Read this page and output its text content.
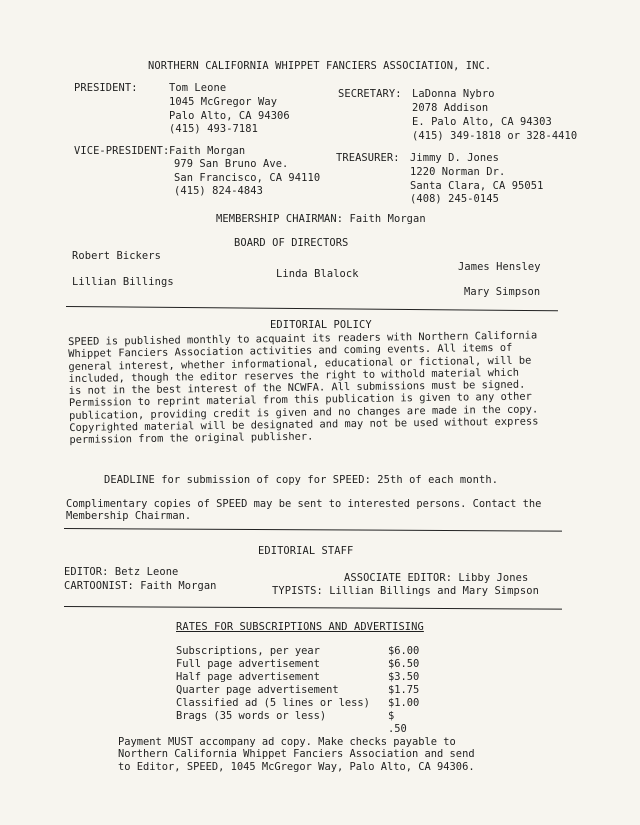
NORTHERN CALIFORNIA WHIPPET FANCIERS ASSOCIATION, INC.
PRESIDENT:	Tom Leone
1045 McGregor Way
Palo Alto, CA 94306
(415) 493-7181
SECRETARY: LaDonna Nybro
2078 Addison
E. Palo Alto, CA 94303
(415) 349-1818 or 328-4410
VICE-PRESIDENT: Faith Morgan
979 San Bruno Ave.
San Francisco, CA 94110
(415) 824-4843
TREASURER: Jimmy D. Jones
1220 Norman Dr.
Santa Clara, CA 95051
(408) 245-0145
MEMBERSHIP CHAIRMAN: Faith Morgan
BOARD OF DIRECTORS
Robert Bickers
Linda Blalock
James Hensley
Lillian Billings
Mary Simpson
EDITORIAL POLICY
SPEED is published monthly to acquaint its readers with Northern California
Whippet Fanciers Association activities and coming events. All items of
general interest, whether informational, educational or fictional, will be
included, though the editor reserves the right to withold material which
is not in the best interest of the NCWFA. All submissions must be signed.
Permission to reprint material from this publication is given to any other
publication, providing credit is given and no changes are made in the copy.
Copyrighted material will be designated and may not be used without express
permission from the original publisher.
DEADLINE for submission of copy for SPEED: 25th of each month.
Complimentary copies of SPEED may be sent to interested persons. Contact the
Membership Chairman.
EDITORIAL STAFF
EDITOR: Betz Leone	ASSOCIATE EDITOR: Libby Jones
CARTOONIST: Faith Morgan	TYPISTS: Lillian Billings and Mary Simpson
RATES FOR SUBSCRIPTIONS AND ADVERTISING
Subscriptions, per year	$6.00
Full page advertisement	$6.50
Half page advertisement	$3.50
Quarter page advertisement	$1.75
Classified ad (5 lines or less) $1.00
Brags (35 words or less)	$ .50
Payment MUST accompany ad copy. Make checks payable to
Northern California Whippet Fanciers Association and send
to Editor, SPEED, 1045 McGregor Way, Palo Alto, CA 94306.
